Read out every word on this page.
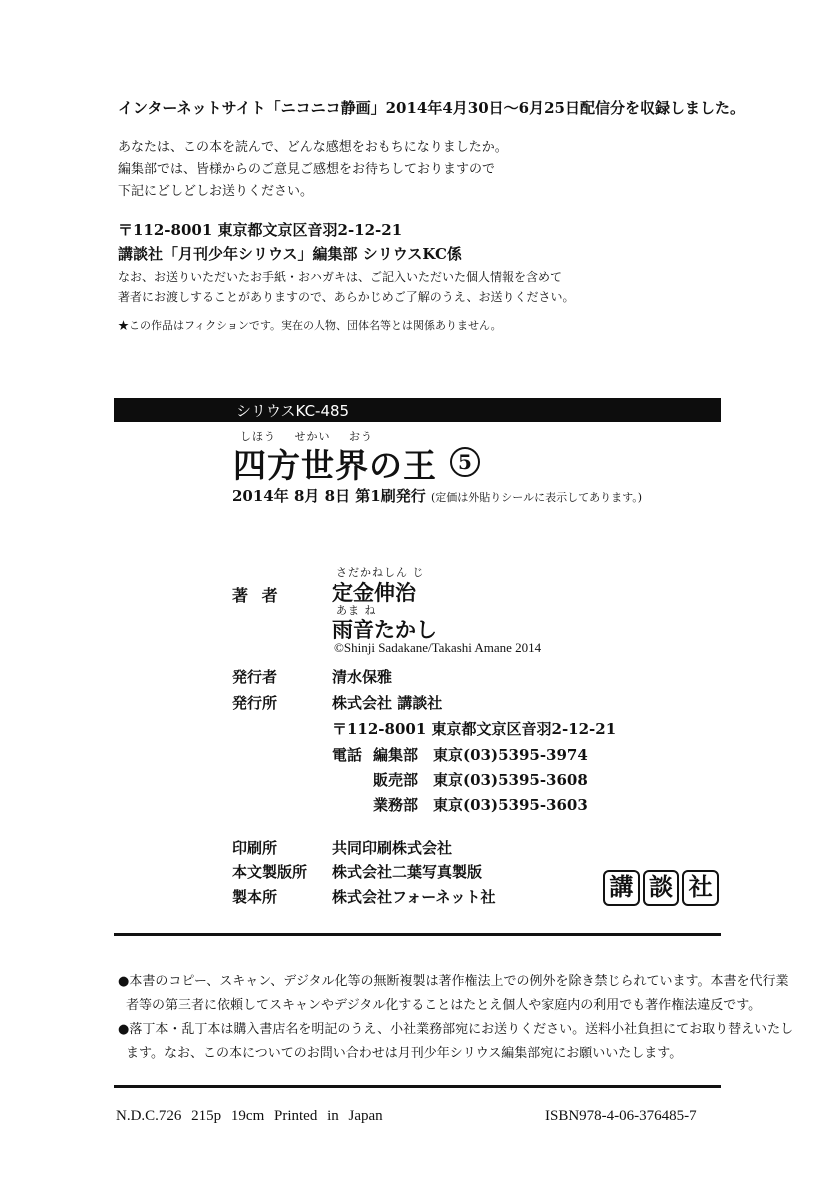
インターネットサイト「ニコニコ静画」2014年4月30日～6月25日配信分を収録しました。
あなたは、この本を読んで、どんな感想をおもちになりましたか。
編集部では、皆様からのご意見ご感想をお待ちしておりますので
下記にどしどしお送りください。
〒112-8001 東京都文京区音羽2-12-21
講談社「月刊少年シリウス」編集部 シリウスKC係
なお、お送りいただいたお手紙・おハガキは、ご記入いただいた個人情報を含めて
著者にお渡しすることがありますので、あらかじめご了解のうえ、お送りください。
★この作品はフィクションです。実在の人物、団体名等とは関係ありません。
シリウスKC-485
しほう せかい おう
四方世界の王	5
2014年 8月 8日 第1刷発行 (定価は外貼りシールに表示してあります。)
さだかねしん じ
著 者 定金伸治
あま ね
雨音たかし
©Shinji Sadakane/Takashi Amane 2014
発行者	清水保雅
発行所	株式会社 講談社
〒112-8001 東京都文京区音羽2-12-21
電話 編集部 東京(03)5395-3974
販売部 東京(03)5395-3608
業務部 東京(03)5395-3603
印刷所	共同印刷株式会社
本文製版所 株式会社二葉写真製版
製本所	株式会社フォーネット社	講 談 社
●本書のコピー、スキャン、デジタル化等の無断複製は著作権法上での例外を除き禁じられています。本書を代行業
者等の第三者に依頼してスキャンやデジタル化することはたとえ個人や家庭内の利用でも著作権法違反です。
●落丁本・乱丁本は購入書店名を明記のうえ、小社業務部宛にお送りください。送料小社負担にてお取り替えいたし
ます。なお、この本についてのお問い合わせは月刊少年シリウス編集部宛にお願いいたします。
N.D.C.726 215p 19cm Printed in Japan	ISBN978-4-06-376485-7
